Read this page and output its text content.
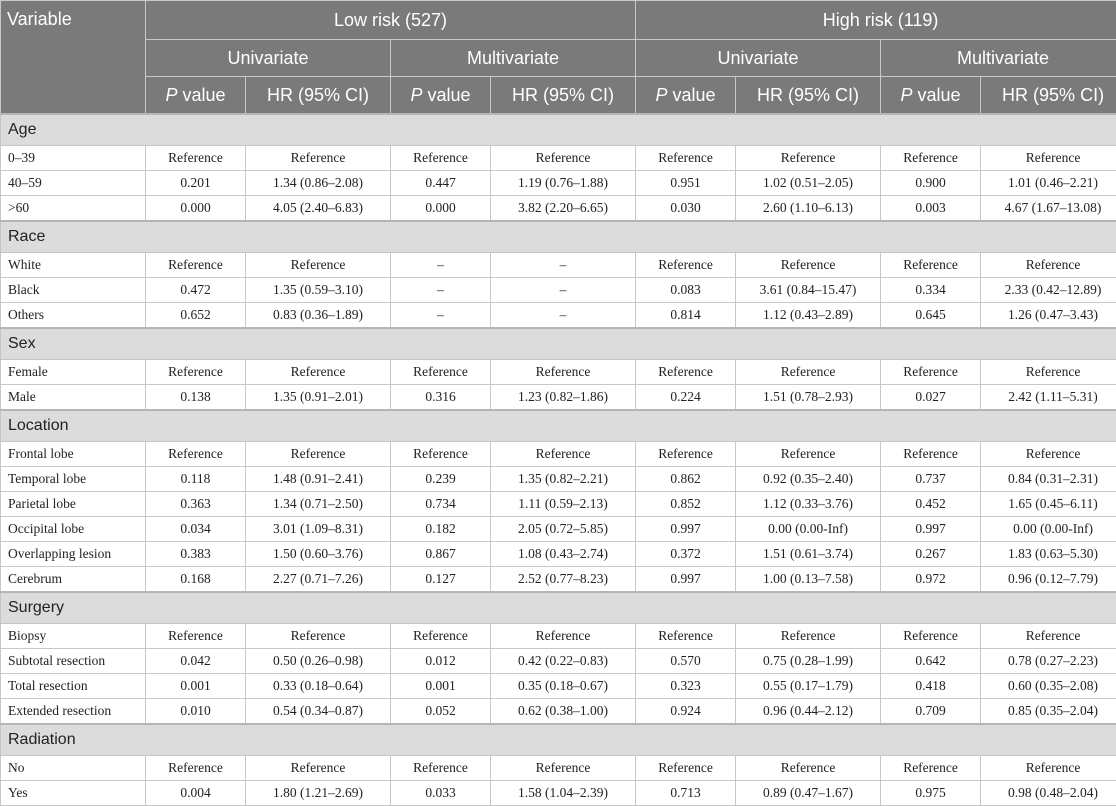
Variable	Low risk (527)				High risk (119)			
	Univariate		Multivariate		Univariate		Multivariate	
	P value	HR (95% CI)	P value	HR (95% CI)	P value	HR (95% CI)	P value	HR (95% CI)
Age								
0–39	Reference	Reference	Reference	Reference	Reference	Reference	Reference	Reference
40–59	0.201	1.34 (0.86–2.08)	0.447	1.19 (0.76–1.88)	0.951	1.02 (0.51–2.05)	0.900	1.01 (0.46–2.21)
>60	0.000	4.05 (2.40–6.83)	0.000	3.82 (2.20–6.65)	0.030	2.60 (1.10–6.13)	0.003	4.67 (1.67–13.08)
Race								
White	Reference	Reference	–	–	Reference	Reference	Reference	Reference
Black	0.472	1.35 (0.59–3.10)	–	–	0.083	3.61 (0.84–15.47)	0.334	2.33 (0.42–12.89)
Others	0.652	0.83 (0.36–1.89)	–	–	0.814	1.12 (0.43–2.89)	0.645	1.26 (0.47–3.43)
Sex								
Female	Reference	Reference	Reference	Reference	Reference	Reference	Reference	Reference
Male	0.138	1.35 (0.91–2.01)	0.316	1.23 (0.82–1.86)	0.224	1.51 (0.78–2.93)	0.027	2.42 (1.11–5.31)
Location								
Frontal lobe	Reference	Reference	Reference	Reference	Reference	Reference	Reference	Reference
Temporal lobe	0.118	1.48 (0.91–2.41)	0.239	1.35 (0.82–2.21)	0.862	0.92 (0.35–2.40)	0.737	0.84 (0.31–2.31)
Parietal lobe	0.363	1.34 (0.71–2.50)	0.734	1.11 (0.59–2.13)	0.852	1.12 (0.33–3.76)	0.452	1.65 (0.45–6.11)
Occipital lobe	0.034	3.01 (1.09–8.31)	0.182	2.05 (0.72–5.85)	0.997	0.00 (0.00-Inf)	0.997	0.00 (0.00-Inf)
Overlapping lesion	0.383	1.50 (0.60–3.76)	0.867	1.08 (0.43–2.74)	0.372	1.51 (0.61–3.74)	0.267	1.83 (0.63–5.30)
Cerebrum	0.168	2.27 (0.71–7.26)	0.127	2.52 (0.77–8.23)	0.997	1.00 (0.13–7.58)	0.972	0.96 (0.12–7.79)
Surgery								
Biopsy	Reference	Reference	Reference	Reference	Reference	Reference	Reference	Reference
Subtotal resection	0.042	0.50 (0.26–0.98)	0.012	0.42 (0.22–0.83)	0.570	0.75 (0.28–1.99)	0.642	0.78 (0.27–2.23)
Total resection	0.001	0.33 (0.18–0.64)	0.001	0.35 (0.18–0.67)	0.323	0.55 (0.17–1.79)	0.418	0.60 (0.35–2.08)
Extended resection	0.010	0.54 (0.34–0.87)	0.052	0.62 (0.38–1.00)	0.924	0.96 (0.44–2.12)	0.709	0.85 (0.35–2.04)
Radiation								
No	Reference	Reference	Reference	Reference	Reference	Reference	Reference	Reference
Yes	0.004	1.80 (1.21–2.69)	0.033	1.58 (1.04–2.39)	0.713	0.89 (0.47–1.67)	0.975	0.98 (0.48–2.04)
